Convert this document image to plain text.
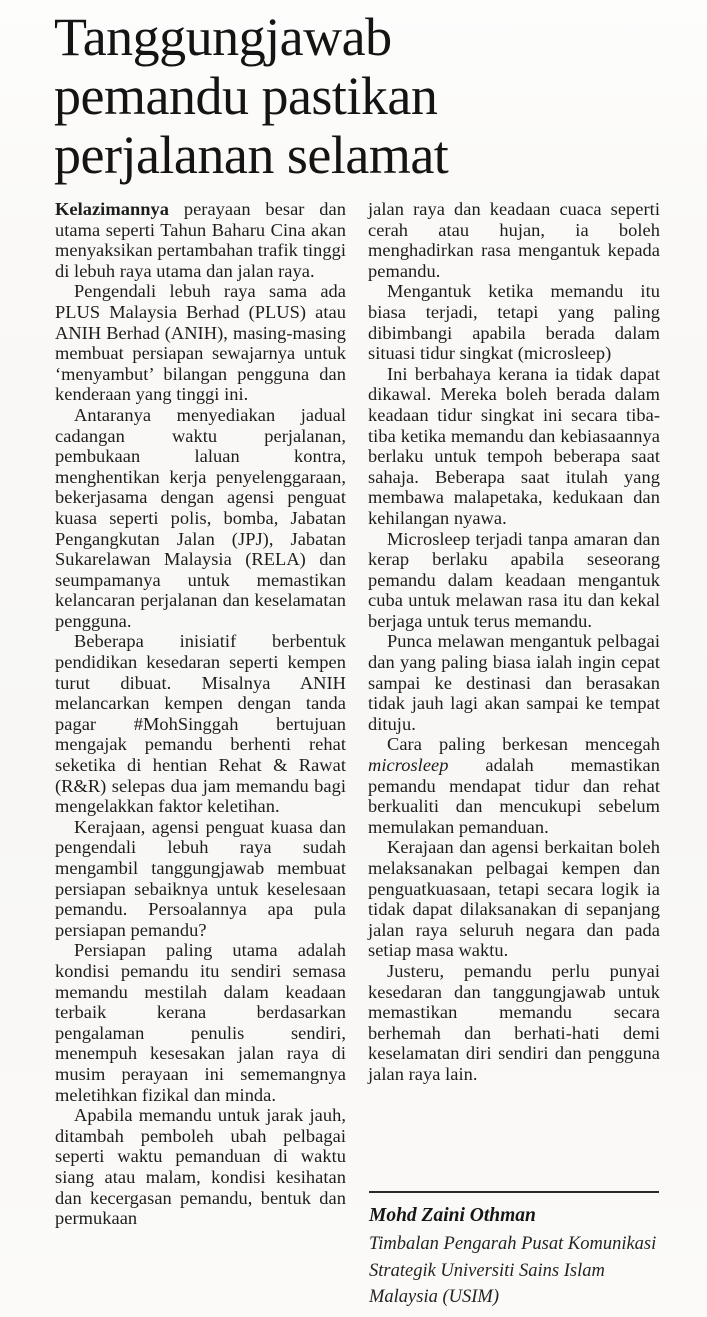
Tanggungjawab
pemandu pastikan
perjalanan selamat

Kelazimannya perayaan besar dan utama seperti Tahun Baharu Cina akan menyaksikan pertambahan trafik tinggi di lebuh raya utama dan jalan raya.

Pengendali lebuh raya sama ada PLUS Malaysia Berhad (PLUS) atau ANIH Berhad (ANIH), masing-masing membuat persiapan sewajarnya untuk ‘menyambut’ bilangan pengguna dan kenderaan yang tinggi ini.

Antaranya menyediakan jadual cadangan waktu perjalanan, pembukaan laluan kontra, menghentikan kerja penyelenggaraan, bekerjasama dengan agensi penguat kuasa seperti polis, bomba, Jabatan Pengangkutan Jalan (JPJ), Jabatan Sukarelawan Malaysia (RELA) dan seumpamanya untuk memastikan kelancaran perjalanan dan keselamatan pengguna.

Beberapa inisiatif berbentuk pendidikan kesedaran seperti kempen turut dibuat. Misalnya ANIH melancarkan kempen dengan tanda pagar #MohSinggah bertujuan mengajak pemandu berhenti rehat seketika di hentian Rehat & Rawat (R&R) selepas dua jam memandu bagi mengelakkan faktor keletihan.

Kerajaan, agensi penguat kuasa dan pengendali lebuh raya sudah mengambil tanggungjawab membuat persiapan sebaiknya untuk keselesaan pemandu. Persoalannya apa pula persiapan pemandu?

Persiapan paling utama adalah kondisi pemandu itu sendiri semasa memandu mestilah dalam keadaan terbaik kerana berdasarkan pengalaman penulis sendiri, menempuh kesesakan jalan raya di musim perayaan ini sememangnya meletihkan fizikal dan minda.

Apabila memandu untuk jarak jauh, ditambah pemboleh ubah pelbagai seperti waktu pemanduan di waktu siang atau malam, kondisi kesihatan dan kecergasan pemandu, bentuk dan permukaan

jalan raya dan keadaan cuaca seperti cerah atau hujan, ia boleh menghadirkan rasa mengantuk kepada pemandu.

Mengantuk ketika memandu itu biasa terjadi, tetapi yang paling dibimbangi apabila berada dalam situasi tidur singkat (microsleep)

Ini berbahaya kerana ia tidak dapat dikawal. Mereka boleh berada dalam keadaan tidur singkat ini secara tiba-tiba ketika memandu dan kebiasaannya berlaku untuk tempoh beberapa saat sahaja. Beberapa saat itulah yang membawa malapetaka, kedukaan dan kehilangan nyawa.

Microsleep terjadi tanpa amaran dan kerap berlaku apabila seseorang pemandu dalam keadaan mengantuk cuba untuk melawan rasa itu dan kekal berjaga untuk terus memandu.

Punca melawan mengantuk pelbagai dan yang paling biasa ialah ingin cepat sampai ke destinasi dan berasakan tidak jauh lagi akan sampai ke tempat dituju.

Cara paling berkesan mencegah microsleep adalah memastikan pemandu mendapat tidur dan rehat berkualiti dan mencukupi sebelum memulakan pemanduan.

Kerajaan dan agensi berkaitan boleh melaksanakan pelbagai kempen dan penguatkuasaan, tetapi secara logik ia tidak dapat dilaksanakan di sepanjang jalan raya seluruh negara dan pada setiap masa waktu.

Justeru, pemandu perlu punyai kesedaran dan tanggungjawab untuk memastikan memandu secara berhemah dan berhati-hati demi keselamatan diri sendiri dan pengguna jalan raya lain.

Mohd Zaini Othman
Timbalan Pengarah Pusat Komunikasi Strategik Universiti Sains Islam Malaysia (USIM)
